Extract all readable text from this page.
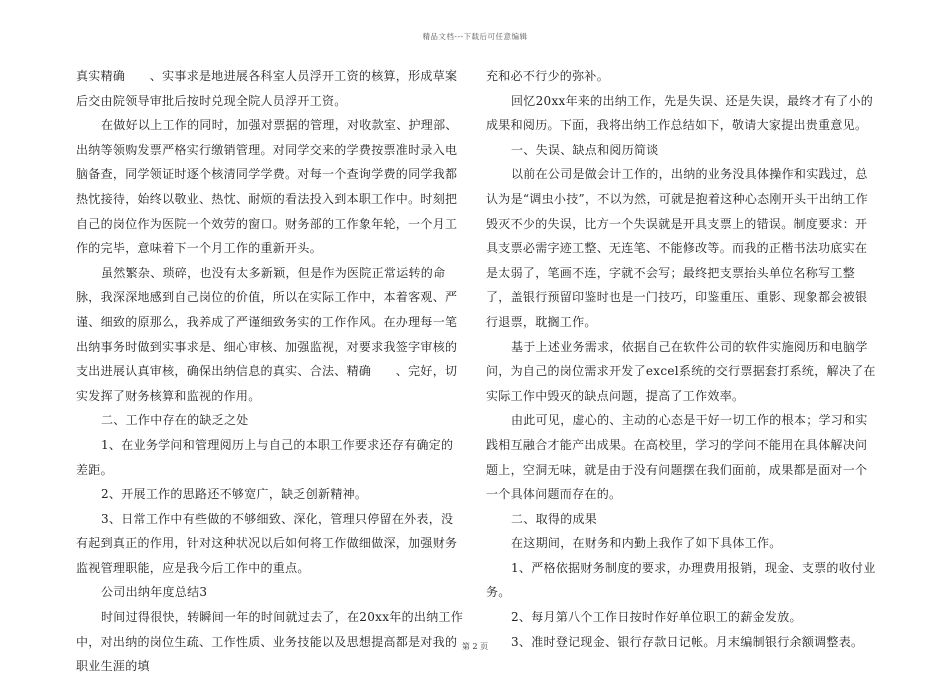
精品文档---下载后可任意编辑

真实精确　　、实事求是地进展各科室人员浮开工资的核算，形成草案后交由院领导审批后按时兑现全院人员浮开工资。

在做好以上工作的同时，加强对票据的管理，对收款室、护理部、出纳等领购发票严格实行缴销管理。对同学交来的学费按票准时录入电脑备查，同学领证时逐个核清同学学费。对每一个查询学费的同学我都热忱接待，始终以敬业、热忱、耐烦的看法投入到本职工作中。时刻把自己的岗位作为医院一个效劳的窗口。财务部的工作象年轮，一个月工作的完毕，意味着下一个月工作的重新开头。

虽然繁杂、琐碎，也没有太多新颖，但是作为医院正常运转的命脉，我深深地感到自己岗位的价值，所以在实际工作中，本着客观、严谨、细致的原那么，我养成了严谨细致务实的工作作风。在办理每一笔出纳事务时做到实事求是、细心审核、加强监视，对要求我签字审核的支出进展认真审核，确保出纳信息的真实、合法、精确　　、完好，切实发挥了财务核算和监视的作用。

二、工作中存在的缺乏之处

1、在业务学问和管理阅历上与自己的本职工作要求还存有确定的差距。

2、开展工作的思路还不够宽广，缺乏创新精神。

3、日常工作中有些做的不够细致、深化，管理只停留在外表，没有起到真正的作用，针对这种状况以后如何将工作做细做深，加强财务监视管理职能，应是我今后工作中的重点。

公司出纳年度总结3

时间过得很快，转瞬间一年的时间就过去了，在20xx年的出纳工作中，对出纳的岗位生疏、工作性质、业务技能以及思想提高都是对我的职业生涯的填

充和必不行少的弥补。

回忆20xx年来的出纳工作，先是失误、还是失误，最终才有了小的成果和阅历。下面，我将出纳工作总结如下，敬请大家提出贵重意见。

一、失误、缺点和阅历简谈

以前在公司是做会计工作的，出纳的业务没具体操作和实践过，总认为是“调虫小技”，不以为然，可就是抱着这种心态刚开头干出纳工作毁灭不少的失误，比方一个失误就是开具支票上的错误。制度要求：开具支票必需字迹工整、无连笔、不能修改等。而我的正楷书法功底实在是太弱了，笔画不连，字就不会写；最终把支票抬头单位名称写工整了，盖银行预留印鉴时也是一门技巧，印鉴重压、重影、现象都会被银行退票，耽搁工作。

基于上述业务需求，依据自己在软件公司的软件实施阅历和电脑学问，为自己的岗位需求开发了excel系统的交行票据套打系统，解决了在实际工作中毁灭的缺点问题，提高了工作效率。

由此可见，虚心的、主动的心态是干好一切工作的根本；学习和实践相互融合才能产出成果。在高校里，学习的学问不能用在具体解决问题上，空洞无味，就是由于没有问题摆在我们面前，成果都是面对一个一个具体问题而存在的。

二、取得的成果

在这期间，在财务和内勤上我作了如下具体工作。

1、严格依据财务制度的要求，办理费用报销，现金、支票的收付业务。

2、每月第八个工作日按时作好单位职工的薪金发放。

3、准时登记现金、银行存款日记帐。月末编制银行余额调整表。

第 2 页
